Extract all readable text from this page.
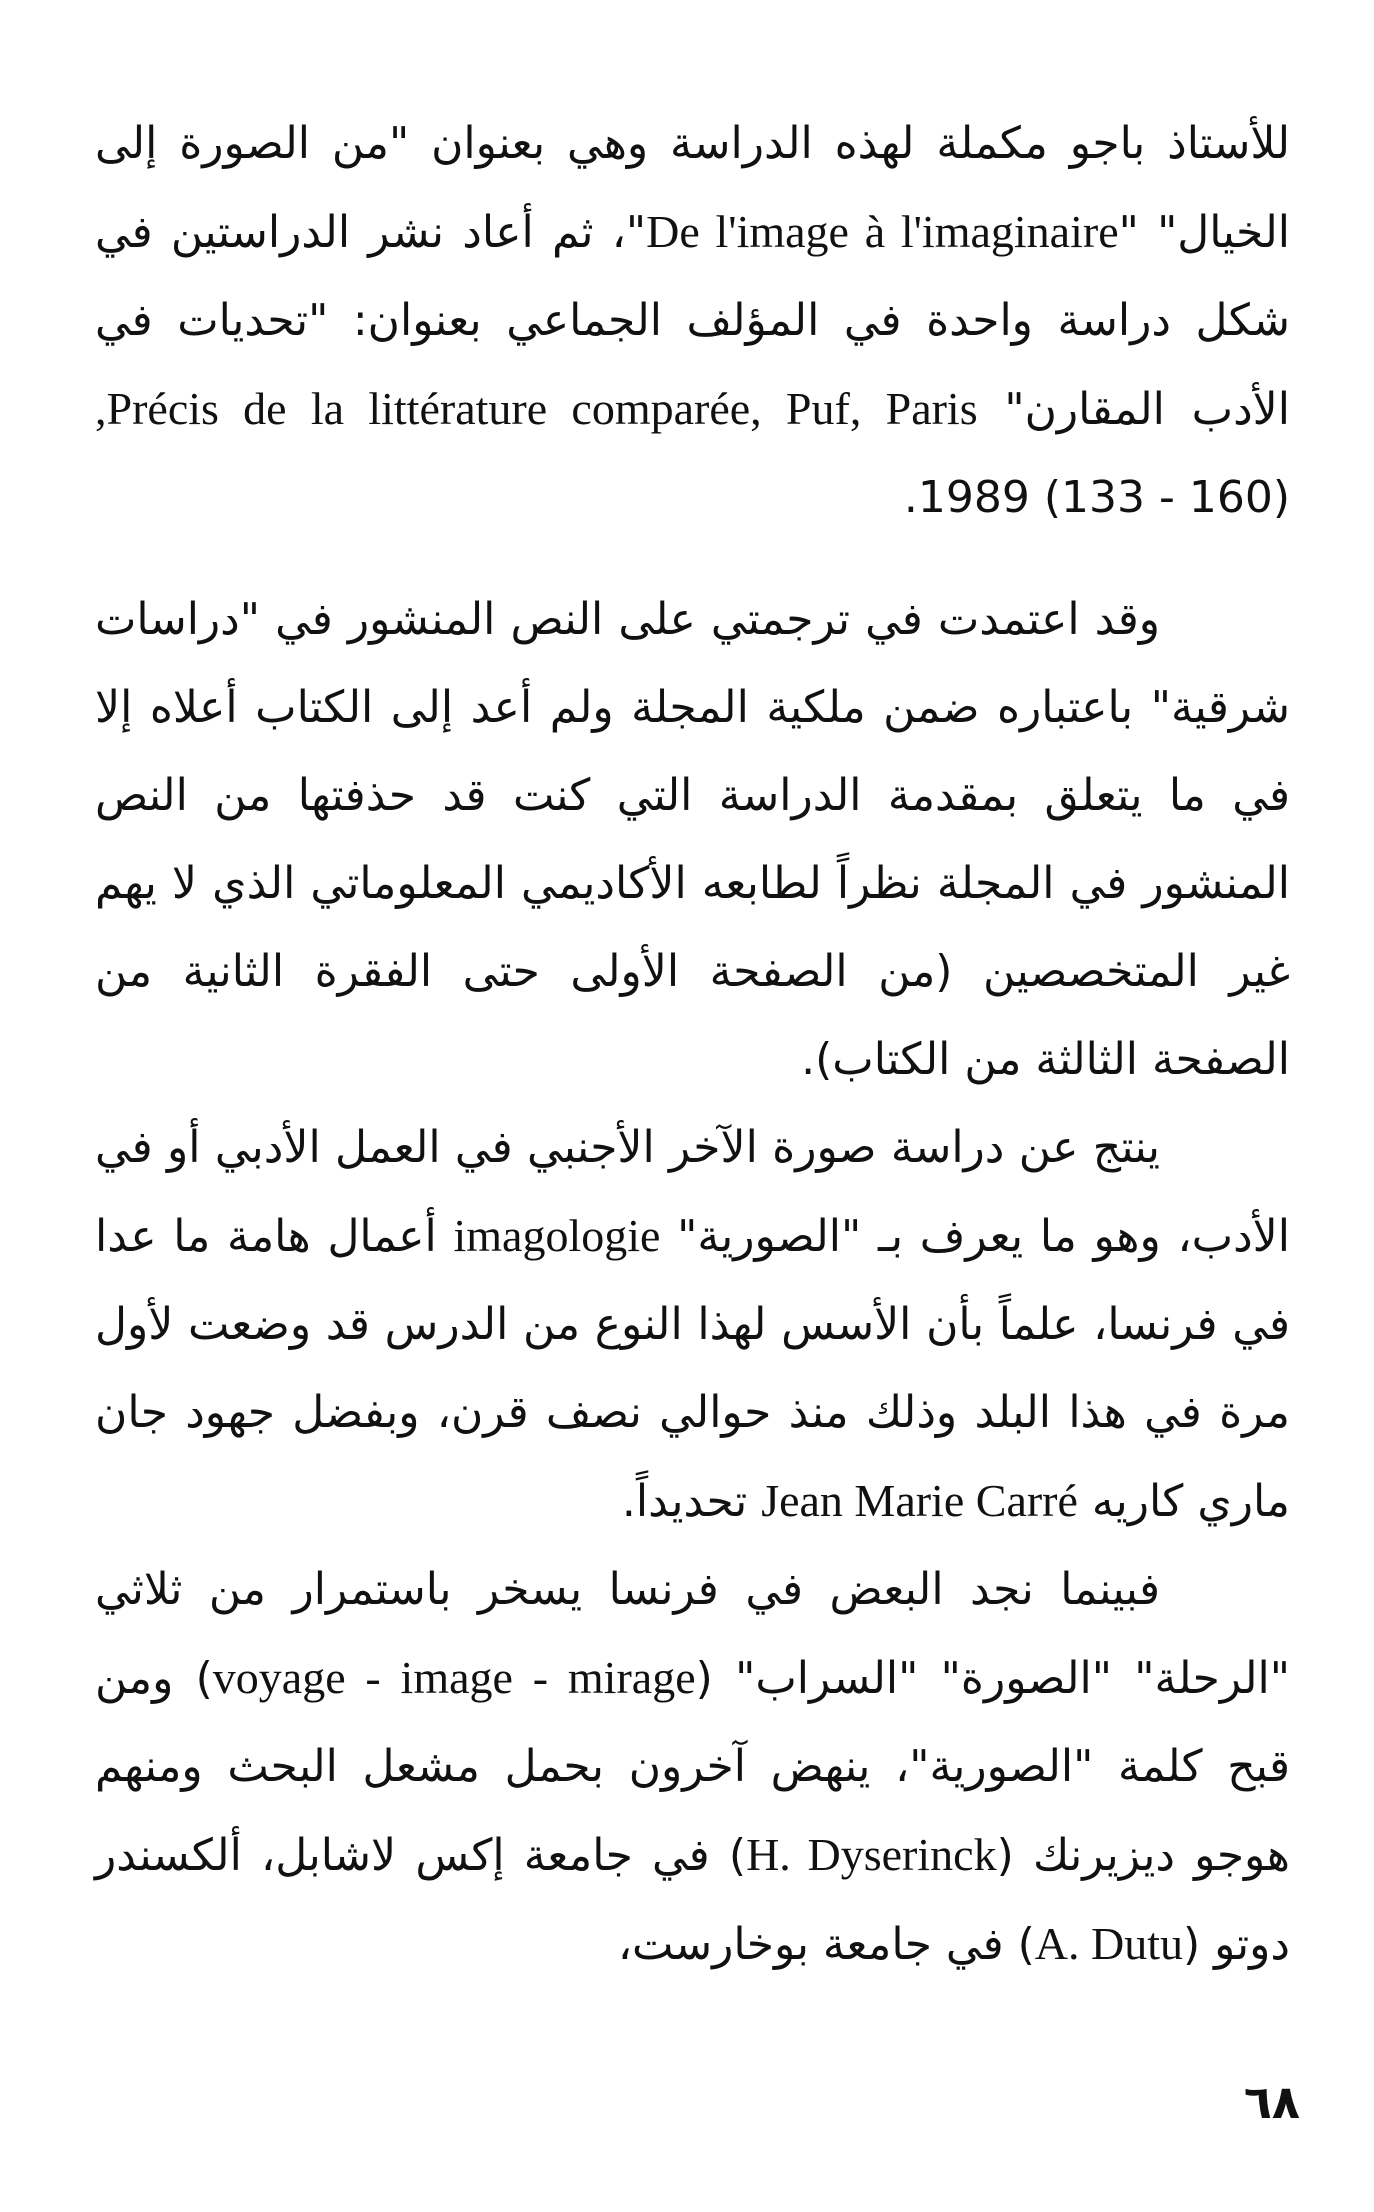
للأستاذ باجو مكملة لهذه الدراسة وهي بعنوان "من الصورة إلى الخيال" "De l'image à l'imaginaire"، ثم أعاد نشر الدراستين في شكل دراسة واحدة في المؤلف الجماعي بعنوان: "تحديات في الأدب المقارن" Précis de la littérature comparée, Puf, Paris, (160 - 133) 1989.

وقد اعتمدت في ترجمتي على النص المنشور في "دراسات شرقية" باعتباره ضمن ملكية المجلة ولم أعد إلى الكتاب أعلاه إلا في ما يتعلق بمقدمة الدراسة التي كنت قد حذفتها من النص المنشور في المجلة نظراً لطابعه الأكاديمي المعلوماتي الذي لا يهم غير المتخصصين (من الصفحة الأولى حتى الفقرة الثانية من الصفحة الثالثة من الكتاب).

ينتج عن دراسة صورة الآخر الأجنبي في العمل الأدبي أو في الأدب، وهو ما يعرف بـ "الصورية" imagologie أعمال هامة ما عدا في فرنسا، علماً بأن الأسس لهذا النوع من الدرس قد وضعت لأول مرة في هذا البلد وذلك منذ حوالي نصف قرن، وبفضل جهود جان ماري كاريه Jean Marie Carré تحديداً.

فبينما نجد البعض في فرنسا يسخر باستمرار من ثلاثي "الرحلة" "الصورة" "السراب" (voyage - image - mirage) ومن قبح كلمة "الصورية"، ينهض آخرون بحمل مشعل البحث ومنهم هوجو ديزيرنك (H. Dyserinck) في جامعة إكس لاشابل، ألكسندر دوتو (A. Dutu) في جامعة بوخارست،

٦٨
